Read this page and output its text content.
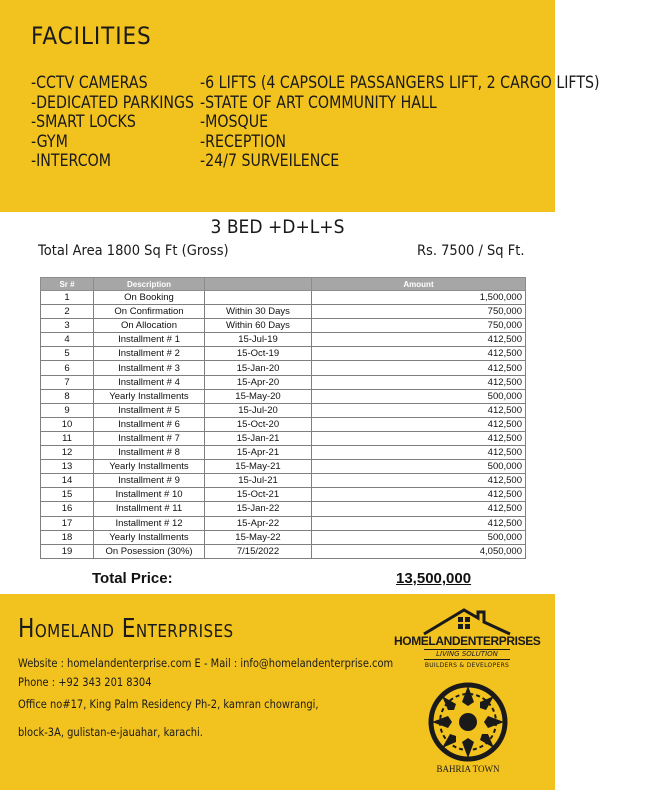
FACILITIES
-CCTV CAMERAS
-DEDICATED PARKINGS
-SMART LOCKS
-GYM
-INTERCOM
-6 LIFTS (4 CAPSOLE PASSANGERS LIFT, 2 CARGO LIFTS)
-STATE OF ART COMMUNITY HALL
-MOSQUE
-RECEPTION
-24/7 SURVEILENCE
3 BED +D+L+S
Total Area 1800 Sq Ft (Gross)	Rs. 7500 / Sq Ft.
Sr #	Description		Amount
1	On Booking		1,500,000
2	On Confirmation	Within 30 Days	750,000
3	On Allocation	Within 60 Days	750,000
4	Installment # 1	15-Jul-19	412,500
5	Installment # 2	15-Oct-19	412,500
6	Installment # 3	15-Jan-20	412,500
7	Installment # 4	15-Apr-20	412,500
8	Yearly Installments	15-May-20	500,000
9	Installment # 5	15-Jul-20	412,500
10	Installment # 6	15-Oct-20	412,500
11	Installment # 7	15-Jan-21	412,500
12	Installment # 8	15-Apr-21	412,500
13	Yearly Installments	15-May-21	500,000
14	Installment # 9	15-Jul-21	412,500
15	Installment # 10	15-Oct-21	412,500
16	Installment # 11	15-Jan-22	412,500
17	Installment # 12	15-Apr-22	412,500
18	Yearly Installments	15-May-22	500,000
19	On Posession (30%)	7/15/2022	4,050,000
Total Price:	13,500,000
Homeland Enterprises
Website : homelandenterprise.com E - Mail : info@homelandenterprise.com
Phone : +92 343 201 8304
Office no#17, King Palm Residency Ph-2, kamran chowrangi,
block-3A, gulistan-e-jauahar, karachi.
HOMELANDENTERPRISES
LIVING SOLUTION
BUILDERS & DEVELOPERS
BAHRIA TOWN
